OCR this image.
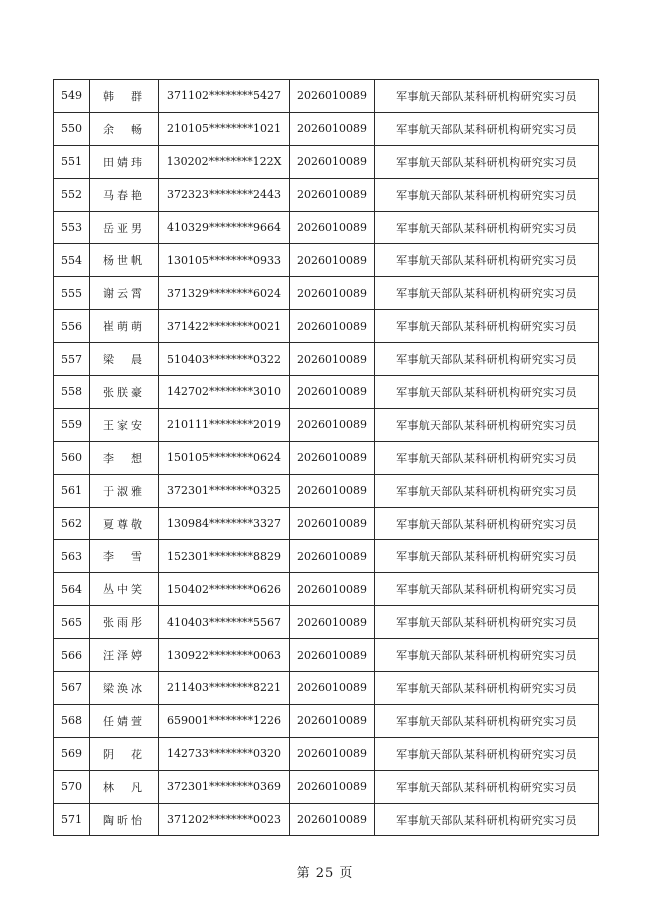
549	韩　群	371102********5427	2026010089	军事航天部队某科研机构研究实习员
550	余　畅	210105********1021	2026010089	军事航天部队某科研机构研究实习员
551	田婧玮	130202********122X	2026010089	军事航天部队某科研机构研究实习员
552	马春艳	372323********2443	2026010089	军事航天部队某科研机构研究实习员
553	岳亚男	410329********9664	2026010089	军事航天部队某科研机构研究实习员
554	杨世帆	130105********0933	2026010089	军事航天部队某科研机构研究实习员
555	谢云霄	371329********6024	2026010089	军事航天部队某科研机构研究实习员
556	崔萌萌	371422********0021	2026010089	军事航天部队某科研机构研究实习员
557	梁　晨	510403********0322	2026010089	军事航天部队某科研机构研究实习员
558	张朕豪	142702********3010	2026010089	军事航天部队某科研机构研究实习员
559	王家安	210111********2019	2026010089	军事航天部队某科研机构研究实习员
560	李　想	150105********0624	2026010089	军事航天部队某科研机构研究实习员
561	于淑雅	372301********0325	2026010089	军事航天部队某科研机构研究实习员
562	夏尊敬	130984********3327	2026010089	军事航天部队某科研机构研究实习员
563	李　雪	152301********8829	2026010089	军事航天部队某科研机构研究实习员
564	丛中笑	150402********0626	2026010089	军事航天部队某科研机构研究实习员
565	张雨彤	410403********5567	2026010089	军事航天部队某科研机构研究实习员
566	汪泽婷	130922********0063	2026010089	军事航天部队某科研机构研究实习员
567	梁涣冰	211403********8221	2026010089	军事航天部队某科研机构研究实习员
568	任婧萱	659001********1226	2026010089	军事航天部队某科研机构研究实习员
569	阴　花	142733********0320	2026010089	军事航天部队某科研机构研究实习员
570	林　凡	372301********0369	2026010089	军事航天部队某科研机构研究实习员
571	陶昕怡	371202********0023	2026010089	军事航天部队某科研机构研究实习员
第 25 页
